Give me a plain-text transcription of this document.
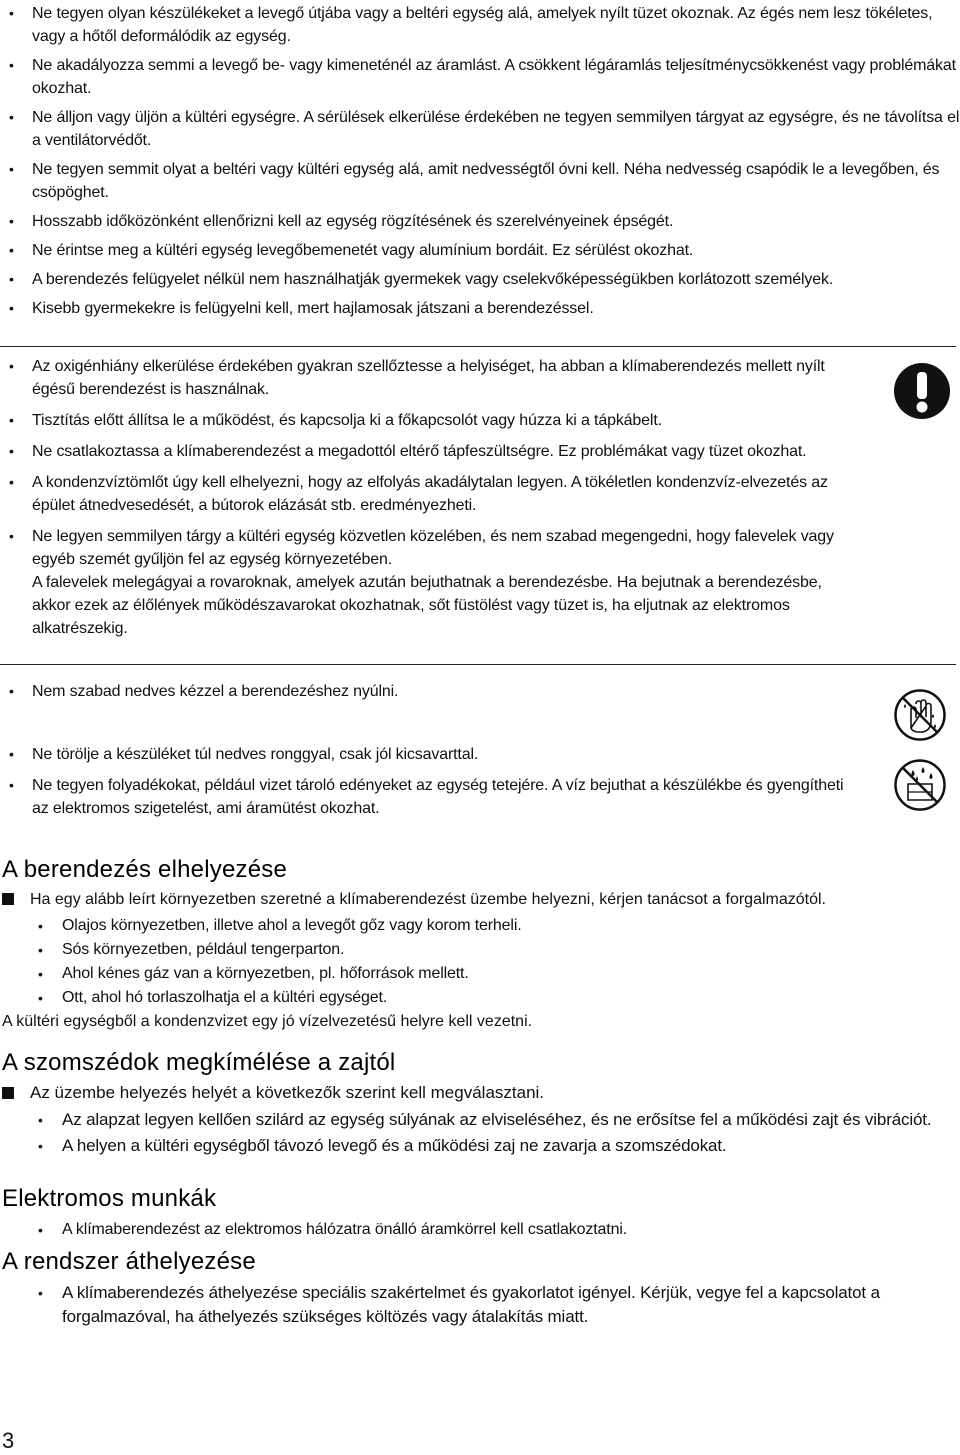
• Ne tegyen olyan készülékeket a levegő útjába vagy a beltéri egység alá, amelyek nyílt tüzet okoznak. Az égés nem lesz tökéletes, vagy a hőtől deformálódik az egység.
• Ne akadályozza semmi a levegő be- vagy kimeneténél az áramlást. A csökkent légáramlás teljesítménycsökkenést vagy problémákat okozhat.
• Ne álljon vagy üljön a kültéri egységre. A sérülések elkerülése érdekében ne tegyen semmilyen tárgyat az egységre, és ne távolítsa el a ventilátorvédőt.
• Ne tegyen semmit olyat a beltéri vagy kültéri egység alá, amit nedvességtől óvni kell. Néha nedvesség csapódik le a levegőben, és csöpöghet.
• Hosszabb időközönként ellenőrizni kell az egység rögzítésének és szerelvényeinek épségét.
• Ne érintse meg a kültéri egység levegőbemenetét vagy alumínium bordáit. Ez sérülést okozhat.
• A berendezés felügyelet nélkül nem használhatják gyermekek vagy cselekvőképességükben korlátozott személyek.
• Kisebb gyermekekre is felügyelni kell, mert hajlamosak játszani a berendezéssel.
• Az oxigénhiány elkerülése érdekében gyakran szellőztesse a helyiséget, ha abban a klímaberendezés mellett nyílt égésű berendezést is használnak.
• Tisztítás előtt állítsa le a működést, és kapcsolja ki a főkapcsolót vagy húzza ki a tápkábelt.
• Ne csatlakoztassa a klímaberendezést a megadottól eltérő tápfeszültségre. Ez problémákat vagy tüzet okozhat.
• A kondenzvíztömlőt úgy kell elhelyezni, hogy az elfolyás akadálytalan legyen. A tökéletlen kondenzvíz-elvezetés az épület átnedvesedését, a bútorok elázását stb. eredményezheti.
• Ne legyen semmilyen tárgy a kültéri egység közvetlen közelében, és nem szabad megengedni, hogy falevelek vagy egyéb szemét gyűljön fel az egység környezetében.
A falevelek melegágyai a rovaroknak, amelyek azután bejuthatnak a berendezésbe. Ha bejutnak a berendezésbe, akkor ezek az élőlények működészavarokat okozhatnak, sőt füstölést vagy tüzet is, ha eljutnak az elektromos alkatrészekig.
• Nem szabad nedves kézzel a berendezéshez nyúlni.
• Ne törölje a készüléket túl nedves ronggyal, csak jól kicsavarttal.
• Ne tegyen folyadékokat, például vizet tároló edényeket az egység tetejére. A víz bejuthat a készülékbe és gyengítheti az elektromos szigetelést, ami áramütést okozhat.
A berendezés elhelyezése
Ha egy alább leírt környezetben szeretné a klímaberendezést üzembe helyezni, kérjen tanácsot a forgalmazótól.
• Olajos környezetben, illetve ahol a levegőt gőz vagy korom terheli.
• Sós környezetben, például tengerparton.
• Ahol kénes gáz van a környezetben, pl. hőforrások mellett.
• Ott, ahol hó torlaszolhatja el a kültéri egységet.
A kültéri egységből a kondenzvizet egy jó vízelvezetésű helyre kell vezetni.
A szomszédok megkímélése a zajtól
Az üzembe helyezés helyét a következők szerint kell megválasztani.
• Az alapzat legyen kellően szilárd az egység súlyának az elviseléséhez, és ne erősítse fel a működési zajt és vibrációt.
• A helyen a kültéri egységből távozó levegő és a működési zaj ne zavarja a szomszédokat.
Elektromos munkák
• A klímaberendezést az elektromos hálózatra önálló áramkörrel kell csatlakoztatni.
A rendszer áthelyezése
• A klímaberendezés áthelyezése speciális szakértelmet és gyakorlatot igényel. Kérjük, vegye fel a kapcsolatot a forgalmazóval, ha áthelyezés szükséges költözés vagy átalakítás miatt.
3
